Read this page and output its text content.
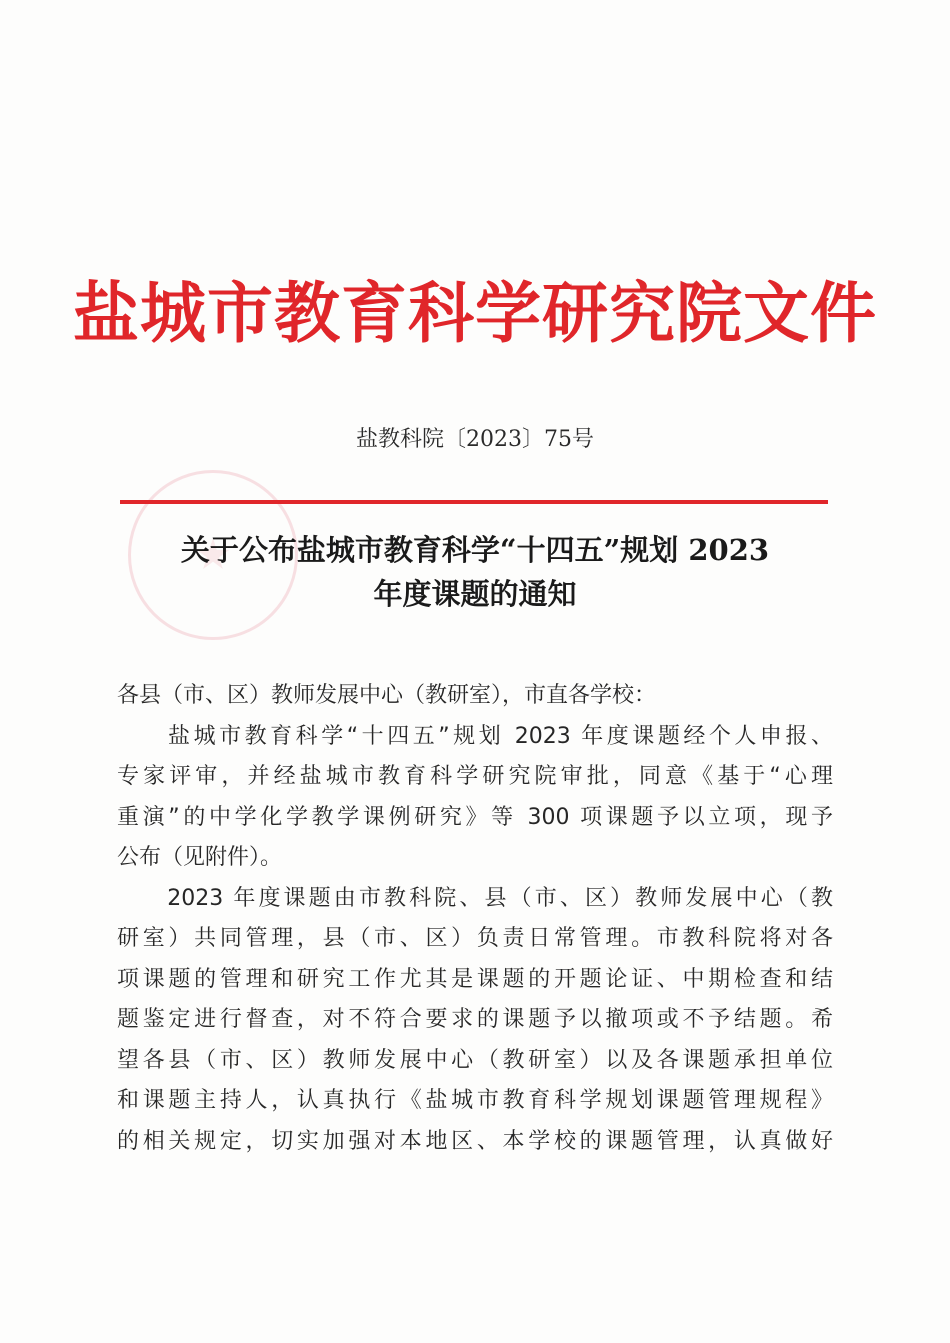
盐城市教育科学研究院文件
盐教科院〔2023〕75号
关于公布盐城市教育科学“十四五”规划 2023
年度课题的通知
各县（市、区）教师发展中心（教研室），市直各学校：
　　盐城市教育科学“十四五”规划 2023 年度课题经个人申报、
专家评审，并经盐城市教育科学研究院审批，同意《基于“心理
重演”的中学化学教学课例研究》等 300 项课题予以立项，现予
公布（见附件）。
　　2023 年度课题由市教科院、县（市、区）教师发展中心（教
研室）共同管理，县（市、区）负责日常管理。市教科院将对各
项课题的管理和研究工作尤其是课题的开题论证、中期检查和结
题鉴定进行督查，对不符合要求的课题予以撤项或不予结题。希
望各县（市、区）教师发展中心（教研室）以及各课题承担单位
和课题主持人，认真执行《盐城市教育科学规划课题管理规程》
的相关规定，切实加强对本地区、本学校的课题管理，认真做好
